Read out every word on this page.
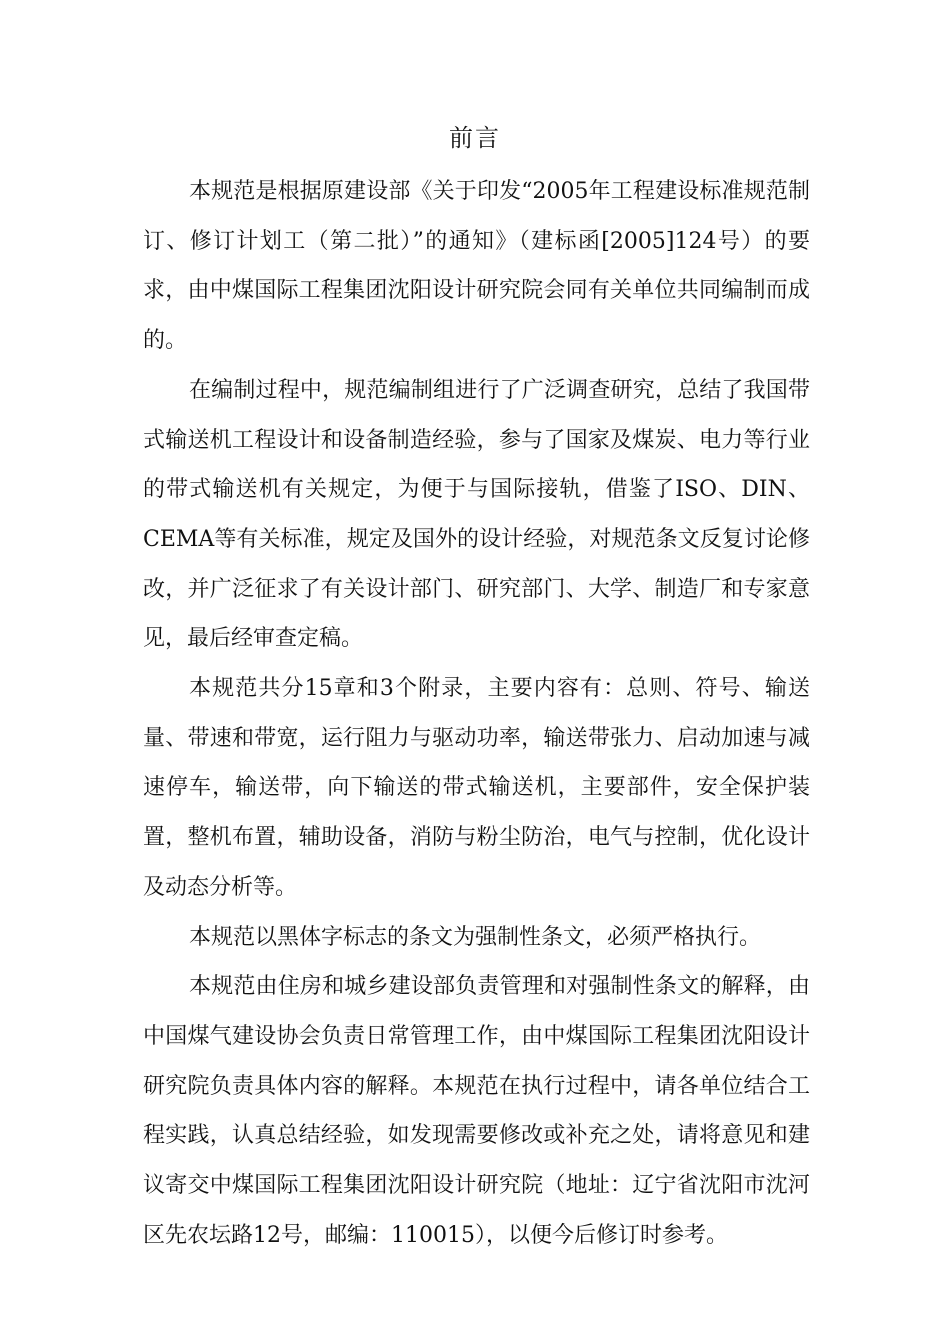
前言

本规范是根据原建设部《关于印发“2005年工程建设标准规范制订、修订计划工（第二批）”的通知》（建标函[2005]124号）的要求，由中煤国际工程集团沈阳设计研究院会同有关单位共同编制而成的。

在编制过程中，规范编制组进行了广泛调查研究，总结了我国带式输送机工程设计和设备制造经验，参与了国家及煤炭、电力等行业的带式输送机有关规定，为便于与国际接轨，借鉴了ISO、DIN、CEMA等有关标准，规定及国外的设计经验，对规范条文反复讨论修改，并广泛征求了有关设计部门、研究部门、大学、制造厂和专家意见，最后经审查定稿。

本规范共分15章和3个附录，主要内容有：总则、符号、输送量、带速和带宽，运行阻力与驱动功率，输送带张力、启动加速与减速停车，输送带，向下输送的带式输送机，主要部件，安全保护装置，整机布置，辅助设备，消防与粉尘防治，电气与控制，优化设计及动态分析等。

本规范以黑体字标志的条文为强制性条文，必须严格执行。

本规范由住房和城乡建设部负责管理和对强制性条文的解释，由中国煤气建设协会负责日常管理工作，由中煤国际工程集团沈阳设计研究院负责具体内容的解释。本规范在执行过程中，请各单位结合工程实践，认真总结经验，如发现需要修改或补充之处，请将意见和建议寄交中煤国际工程集团沈阳设计研究院（地址：辽宁省沈阳市沈河区先农坛路12号，邮编：110015），以便今后修订时参考。
